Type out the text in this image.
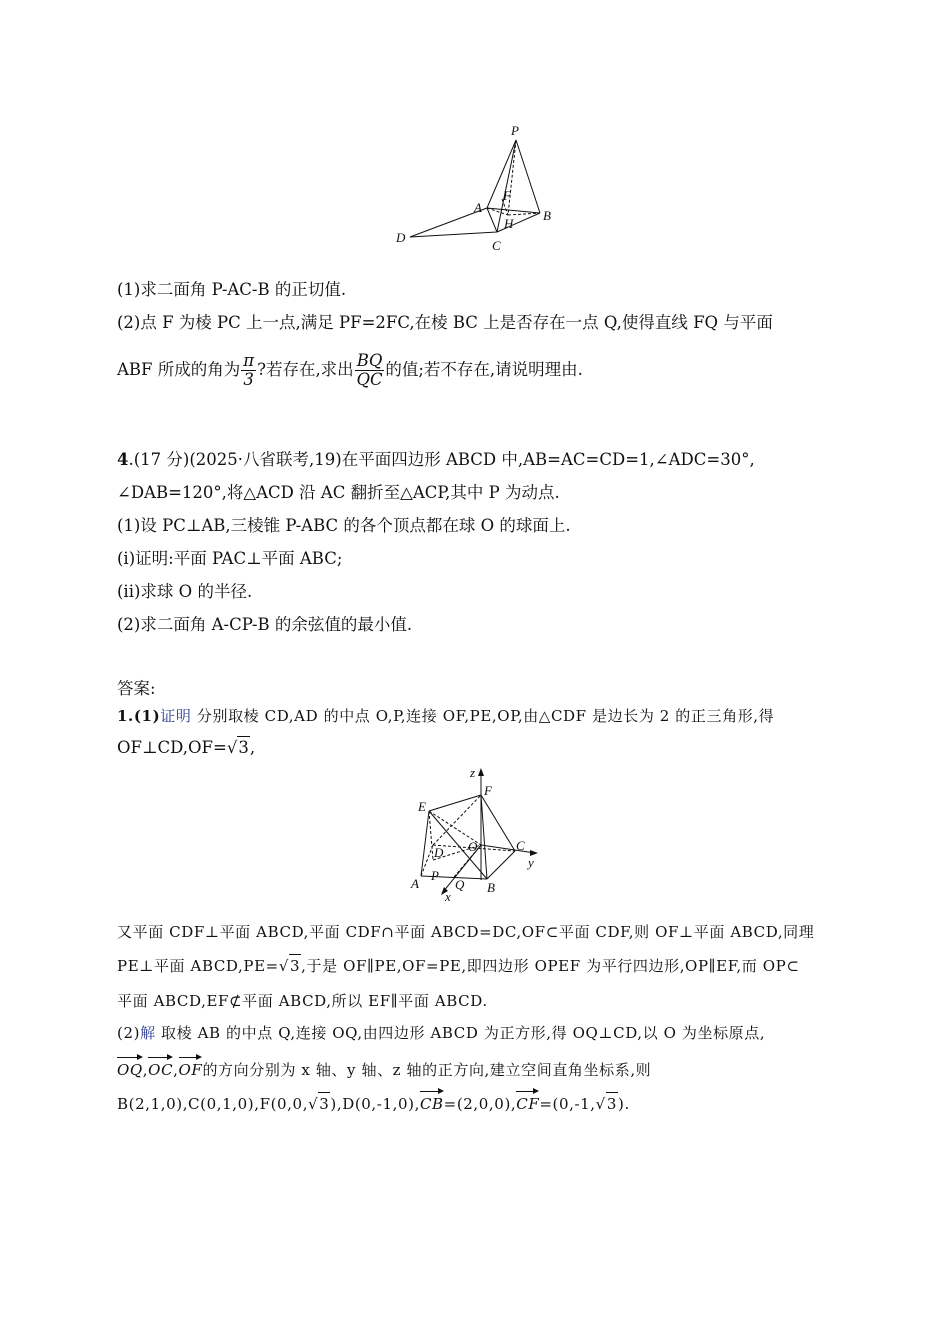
P
F
A
H
B
D
C
(1)求二面角 P-AC-B 的正切值.
(2)点 F 为棱 PC 上一点,满足 PF=2FC,在棱 BC 上是否存在一点 Q,使得直线 FQ 与平面
ABF 所成的角为 $\frac{\pi}{3}$ ?若存在,求出 $\frac{BQ}{QC}$ 的值;若不存在,请说明理由.
4.(17 分)(2025·八省联考,19)在平面四边形 ABCD 中,AB=AC=CD=1,∠ADC=30°,
∠DAB=120°,将△ACD 沿 AC 翻折至△ACP,其中 P 为动点.
(1)设 PC⊥AB,三棱锥 P-ABC 的各个顶点都在球 O 的球面上.
(i)证明:平面 PAC⊥平面 ABC;
(ii)求球 O 的半径.
(2)求二面角 A-CP-B 的余弦值的最小值.
答案:
1.(1)证明 分别取棱 CD,AD 的中点 O,P,连接 OF,PE,OP,由△CDF 是边长为 2 的正三角形,得
OF⊥CD,OF=√3,
z
F
E
D O	C
y
P
Q B
A
x
又平面 CDF⊥平面 ABCD,平面 CDF∩平面 ABCD=DC,OF⊂平面 CDF,则 OF⊥平面 ABCD,同理
PE⊥平面 ABCD,PE=√3,于是 OF∥PE,OF=PE,即四边形 OPEF 为平行四边形,OP∥EF,而 OP⊂
平面 ABCD,EF⊄平面 ABCD,所以 EF∥平面 ABCD.
(2)解 取棱 AB 的中点 Q,连接 OQ,由四边形 ABCD 为正方形,得 OQ⊥CD,以 O 为坐标原点,
OQ,OC,OF的方向分别为 x 轴、y 轴、z 轴的正方向,建立空间直角坐标系,则
B(2,1,0),C(0,1,0),F(0,0,√3),D(0,-1,0),CB=(2,0,0),CF=(0,-1,√3).
